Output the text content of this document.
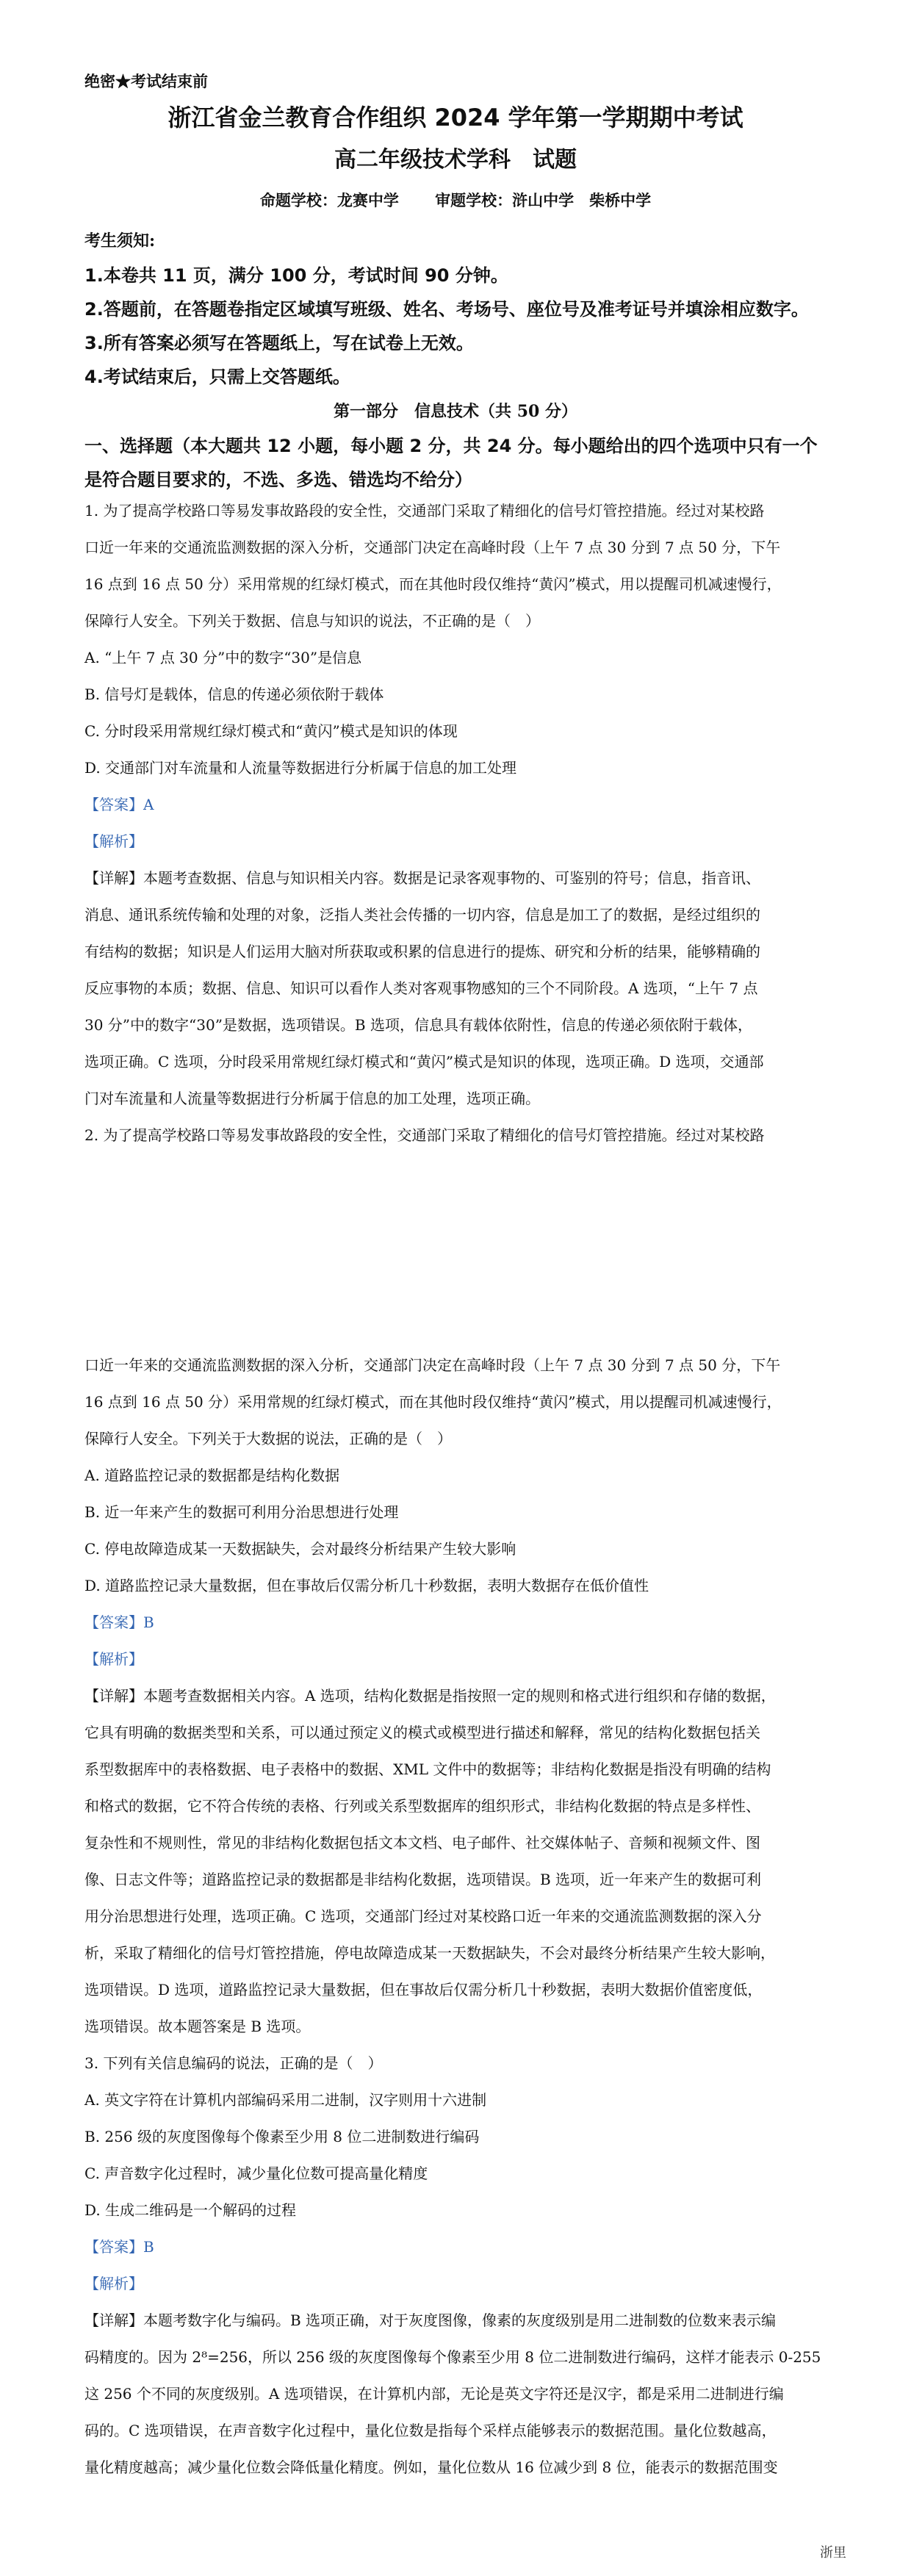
绝密★考试结束前
浙江省金兰教育合作组织 2024 学年第一学期期中考试
高二年级技术学科　试题
命题学校：龙赛中学　　 审题学校：浒山中学　柴桥中学
考生须知:
1.本卷共 11 页，满分 100 分，考试时间 90 分钟。
2.答题前，在答题卷指定区域填写班级、姓名、考场号、座位号及准考证号并填涂相应数字。
3.所有答案必须写在答题纸上，写在试卷上无效。
4.考试结束后，只需上交答题纸。
第一部分　信息技术（共 50 分）
一、选择题（本大题共 12 小题，每小题 2 分，共 24 分。每小题给出的四个选项中只有一个
是符合题目要求的，不选、多选、错选均不给分）
1. 为了提高学校路口等易发事故路段的安全性，交通部门采取了精细化的信号灯管控措施。经过对某校路
口近一年来的交通流监测数据的深入分析，交通部门决定在高峰时段（上午 7 点 30 分到 7 点 50 分，下午
16 点到 16 点 50 分）采用常规的红绿灯模式，而在其他时段仅维持“黄闪”模式，用以提醒司机减速慢行，
保障行人安全。下列关于数据、信息与知识的说法，不正确的是（　）
A. “上午 7 点 30 分”中的数字“30”是信息
B. 信号灯是载体，信息的传递必须依附于载体
C. 分时段采用常规红绿灯模式和“黄闪”模式是知识的体现
D. 交通部门对车流量和人流量等数据进行分析属于信息的加工处理
【答案】A
【解析】
【详解】本题考查数据、信息与知识相关内容。数据是记录客观事物的、可鉴别的符号；信息，指音讯、
消息、通讯系统传输和处理的对象，泛指人类社会传播的一切内容，信息是加工了的数据，是经过组织的
有结构的数据；知识是人们运用大脑对所获取或积累的信息进行的提炼、研究和分析的结果，能够精确的
反应事物的本质；数据、信息、知识可以看作人类对客观事物感知的三个不同阶段。A 选项，“上午 7 点
30 分”中的数字“30”是数据，选项错误。B 选项，信息具有载体依附性，信息的传递必须依附于载体，
选项正确。C 选项，分时段采用常规红绿灯模式和“黄闪”模式是知识的体现，选项正确。D 选项，交通部
门对车流量和人流量等数据进行分析属于信息的加工处理，选项正确。
2. 为了提高学校路口等易发事故路段的安全性，交通部门采取了精细化的信号灯管控措施。经过对某校路
口近一年来的交通流监测数据的深入分析，交通部门决定在高峰时段（上午 7 点 30 分到 7 点 50 分，下午
16 点到 16 点 50 分）采用常规的红绿灯模式，而在其他时段仅维持“黄闪”模式，用以提醒司机减速慢行，
保障行人安全。下列关于大数据的说法，正确的是（　）
A. 道路监控记录的数据都是结构化数据
B. 近一年来产生的数据可利用分治思想进行处理
C. 停电故障造成某一天数据缺失，会对最终分析结果产生较大影响
D. 道路监控记录大量数据，但在事故后仅需分析几十秒数据，表明大数据存在低价值性
【答案】B
【解析】
【详解】本题考查数据相关内容。A 选项，结构化数据是指按照一定的规则和格式进行组织和存储的数据，
它具有明确的数据类型和关系，可以通过预定义的模式或模型进行描述和解释，常见的结构化数据包括关
系型数据库中的表格数据、电子表格中的数据、XML 文件中的数据等；非结构化数据是指没有明确的结构
和格式的数据，它不符合传统的表格、行列或关系型数据库的组织形式，非结构化数据的特点是多样性、
复杂性和不规则性，常见的非结构化数据包括文本文档、电子邮件、社交媒体帖子、音频和视频文件、图
像、日志文件等；道路监控记录的数据都是非结构化数据，选项错误。B 选项，近一年来产生的数据可利
用分治思想进行处理，选项正确。C 选项，交通部门经过对某校路口近一年来的交通流监测数据的深入分
析，采取了精细化的信号灯管控措施，停电故障造成某一天数据缺失，不会对最终分析结果产生较大影响，
选项错误。D 选项，道路监控记录大量数据，但在事故后仅需分析几十秒数据，表明大数据价值密度低，
选项错误。故本题答案是 B 选项。
3. 下列有关信息编码的说法，正确的是（　）
A. 英文字符在计算机内部编码采用二进制，汉字则用十六进制
B. 256 级的灰度图像每个像素至少用 8 位二进制数进行编码
C. 声音数字化过程时，减少量化位数可提高量化精度
D. 生成二维码是一个解码的过程
【答案】B
【解析】
【详解】本题考数字化与编码。B 选项正确，对于灰度图像，像素的灰度级别是用二进制数的位数来表示编
码精度的。因为 2⁸=256，所以 256 级的灰度图像每个像素至少用 8 位二进制数进行编码，这样才能表示 0-255
这 256 个不同的灰度级别。A 选项错误，在计算机内部，无论是英文字符还是汉字，都是采用二进制进行编
码的。C 选项错误，在声音数字化过程中，量化位数是指每个采样点能够表示的数据范围。量化位数越高，
量化精度越高；减少量化位数会降低量化精度。例如，量化位数从 16 位减少到 8 位，能表示的数据范围变
浙里
